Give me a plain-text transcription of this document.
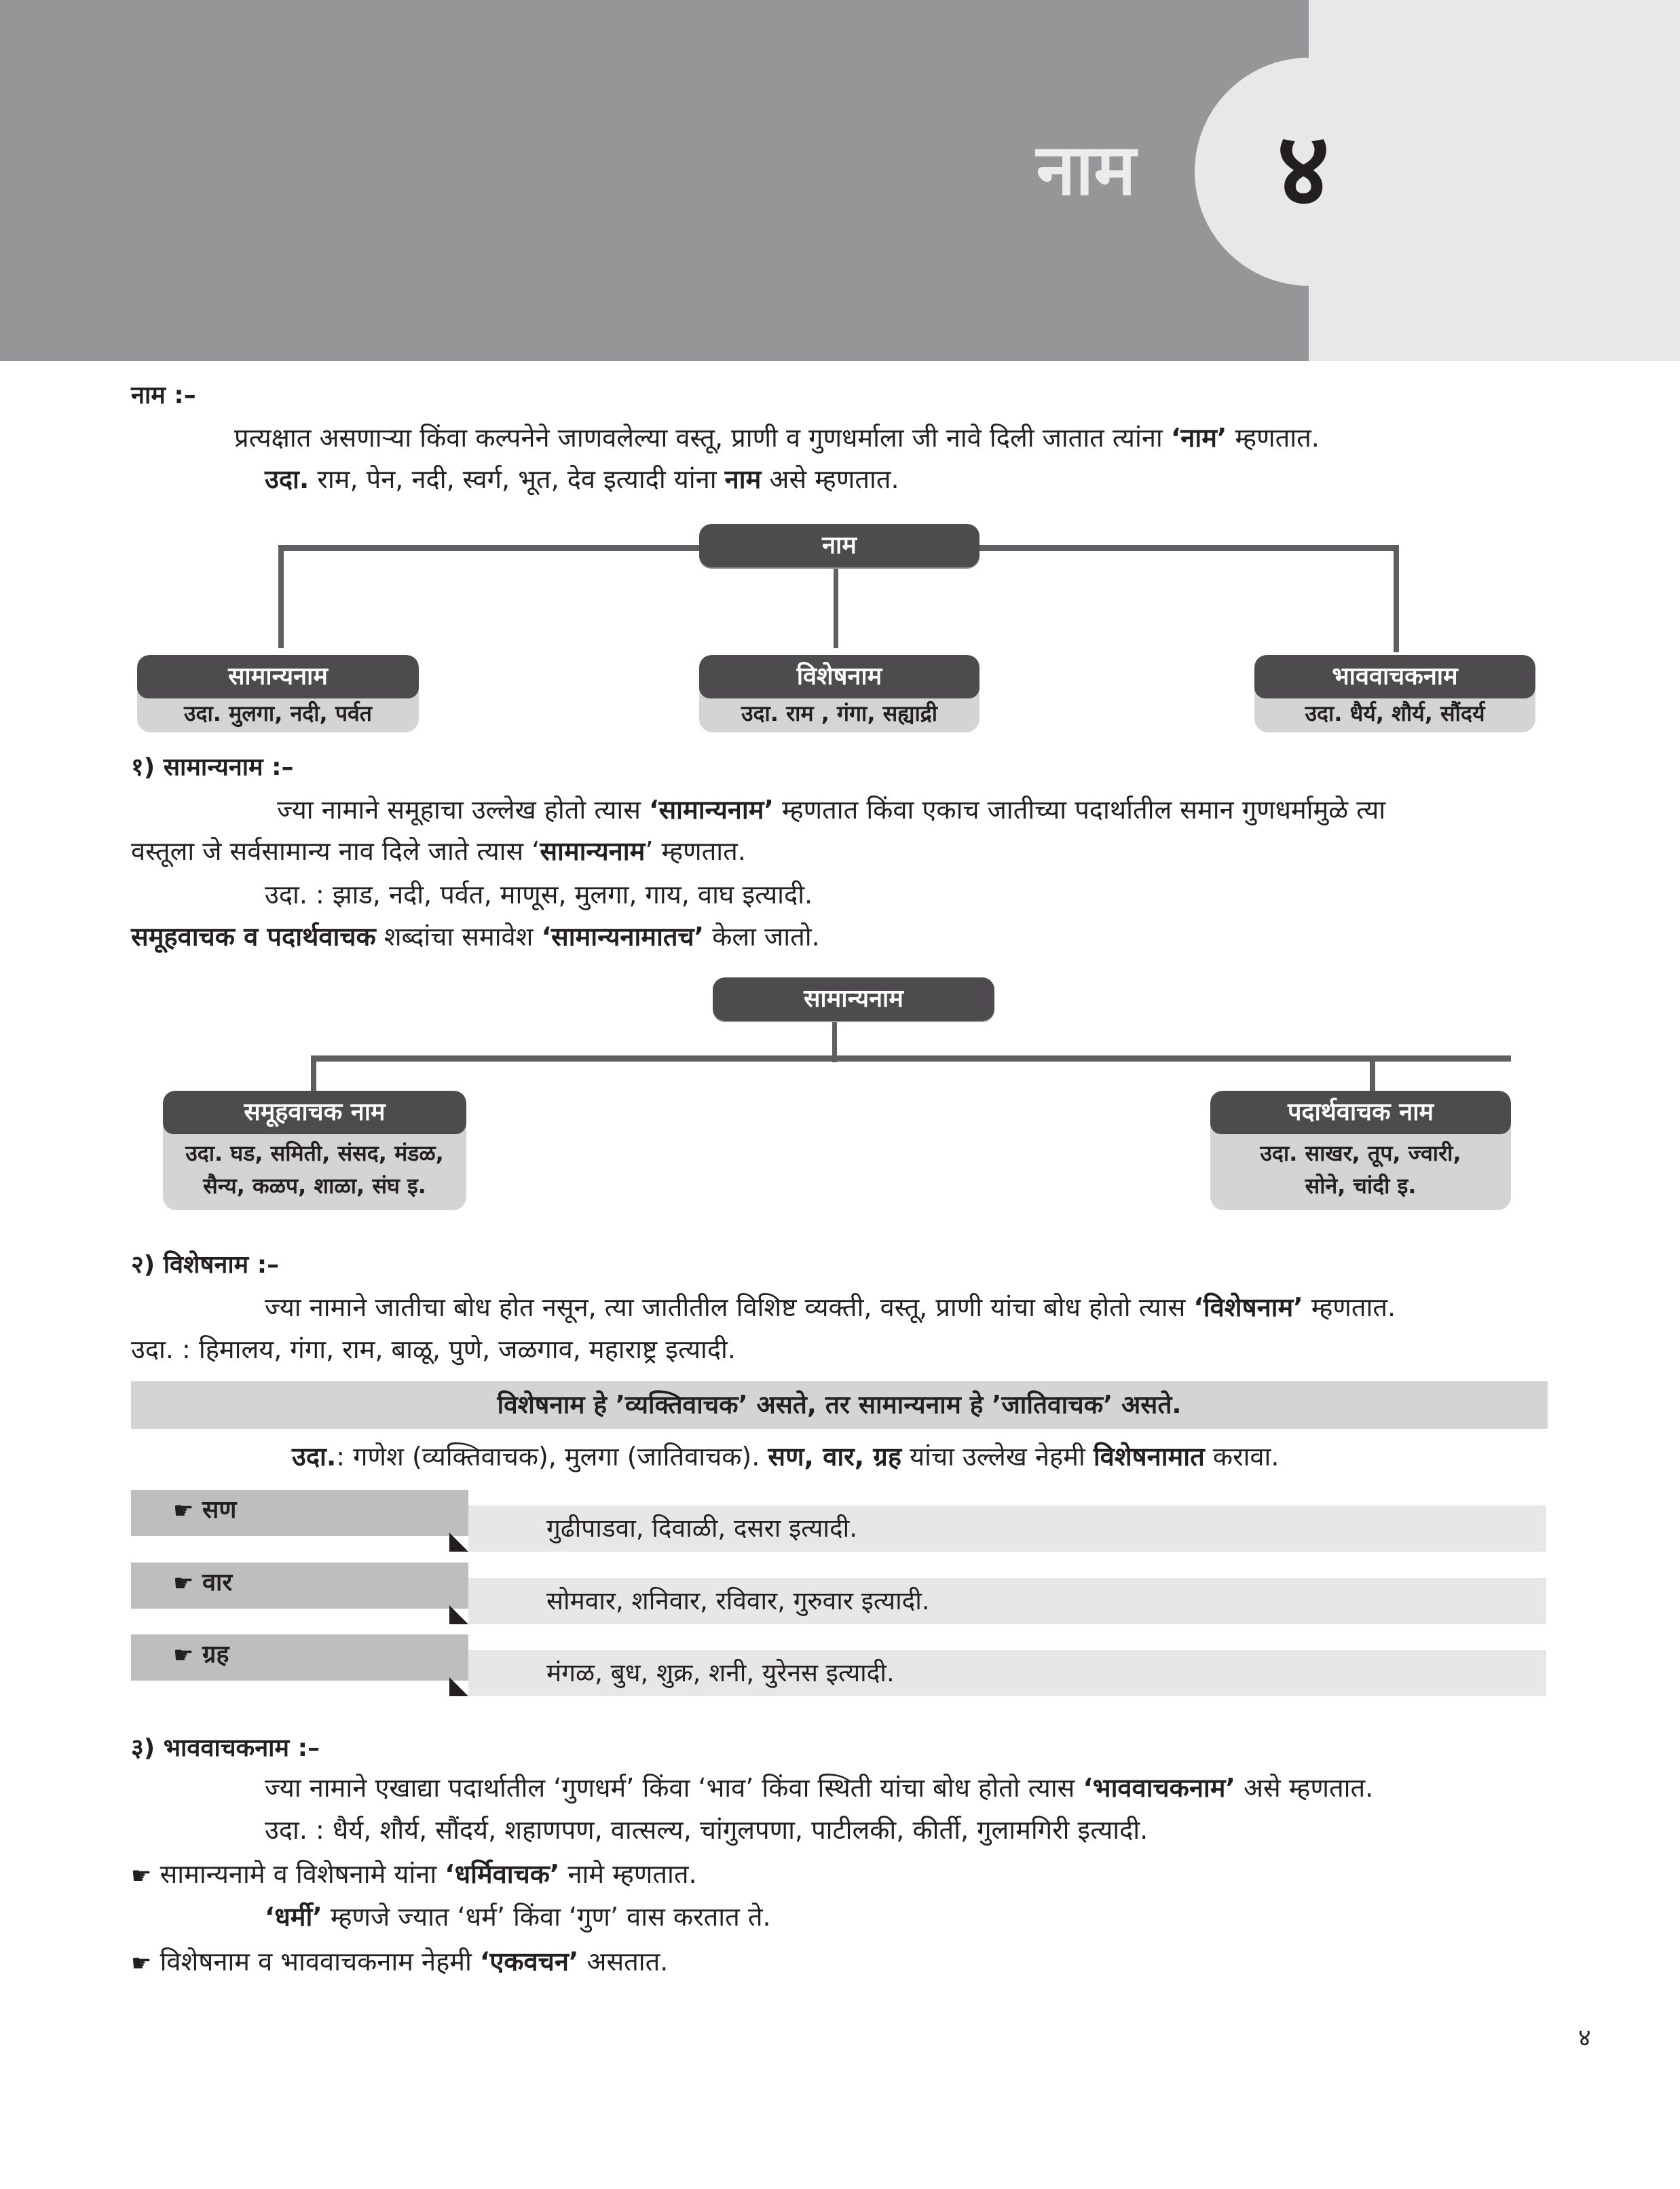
नाम	४
नाम :–
प्रत्यक्षात असणाऱ्या किंवा कल्पनेने जाणवलेल्या वस्तू, प्राणी व गुणधर्माला जी नावे दिली जातात त्यांना ‘नाम’ म्हणतात.
उदा. राम, पेन, नदी, स्वर्ग, भूत, देव इत्यादी यांना नाम असे म्हणतात.
नाम
सामान्यनाम
उदा. मुलगा, नदी, पर्वत
विशेषनाम
उदा. राम , गंगा, सह्याद्री
भाववाचकनाम
उदा. धैर्य, शौर्य, सौंदर्य
१) सामान्यनाम :–
ज्या नामाने समूहाचा उल्लेख होतो त्यास ‘सामान्यनाम’ म्हणतात किंवा एकाच जातीच्या पदार्थातील समान गुणधर्मामुळे त्या
वस्तूला जे सर्वसामान्य नाव दिले जाते त्यास ‘सामान्यनाम’ म्हणतात.
उदा. : झाड, नदी, पर्वत, माणूस, मुलगा, गाय, वाघ इत्यादी.
समूहवाचक व पदार्थवाचक शब्दांचा समावेश ‘सामान्यनामातच’ केला जातो.
सामान्यनाम
समूहवाचक नाम
उदा. घड, समिती, संसद, मंडळ,
सैन्य, कळप, शाळा, संघ इ.
पदार्थवाचक नाम
उदा. साखर, तूप, ज्वारी,
सोने, चांदी इ.
२) विशेषनाम :–
ज्या नामाने जातीचा बोध होत नसून, त्या जातीतील विशिष्ट व्यक्ती, वस्तू, प्राणी यांचा बोध होतो त्यास ‘विशेषनाम’ म्हणतात.
उदा. : हिमालय, गंगा, राम, बाळू, पुणे, जळगाव, महाराष्ट्र इत्यादी.
विशेषनाम हे ’व्यक्तिवाचक’ असते, तर सामान्यनाम हे ’जातिवाचक’ असते.
उदा.: गणेश (व्यक्तिवाचक), मुलगा (जातिवाचक). सण, वार, ग्रह यांचा उल्लेख नेहमी विशेषनामात करावा.
गुढीपाडवा, दिवाळी, दसरा इत्यादी.
☛ सण
सोमवार, शनिवार, रविवार, गुरुवार इत्यादी.
☛ वार
मंगळ, बुध, शुक्र, शनी, युरेनस इत्यादी.
☛ ग्रह
३) भाववाचकनाम :–
ज्या नामाने एखाद्या पदार्थातील ‘गुणधर्म’ किंवा ‘भाव’ किंवा स्थिती यांचा बोध होतो त्यास ‘भाववाचकनाम’ असे म्हणतात.
उदा. : धैर्य, शौर्य, सौंदर्य, शहाणपण, वात्सल्य, चांगुलपणा, पाटीलकी, कीर्ती, गुलामगिरी इत्यादी.
☛ सामान्यनामे व विशेषनामे यांना ‘धर्मिवाचक’ नामे म्हणतात.
‘धर्मी’ म्हणजे ज्यात ‘धर्म’ किंवा ‘गुण’ वास करतात ते.
☛ विशेषनाम व भाववाचकनाम नेहमी ‘एकवचन’ असतात.
४
